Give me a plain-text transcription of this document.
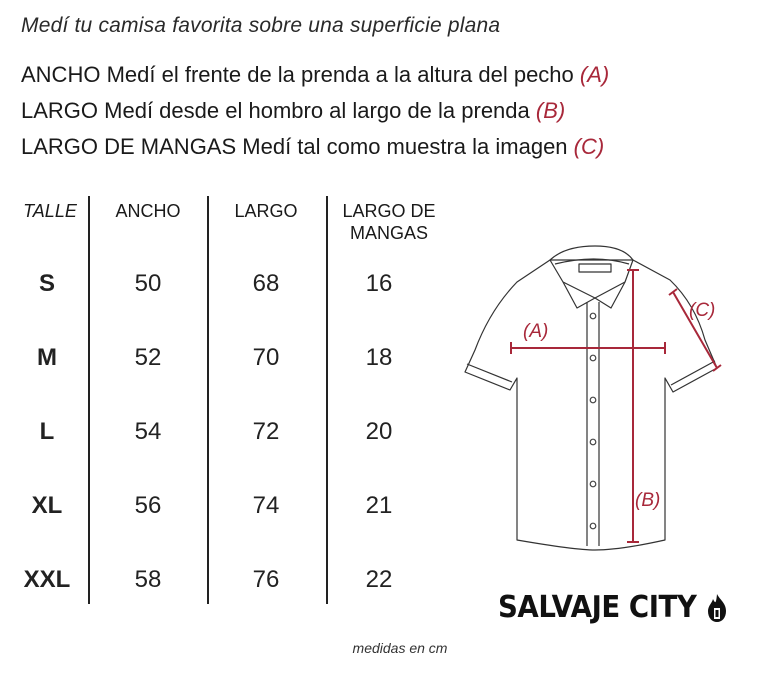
Medí tu camisa favorita sobre una superficie plana
ANCHO Medí el frente de la prenda a la altura del pecho (A)
LARGO Medí desde el hombro al largo de la prenda (B)
LARGO DE MANGAS Medí tal como muestra la imagen (C)
TALLE	ANCHO	LARGO	LARGO DE
MANGAS
S	50	68	16
M	52	70	18
L	54	72	20
XL	56	74	21
XXL	58	76	22
(A)
(B)
(C)
SALVAJE CITY
medidas en cm
